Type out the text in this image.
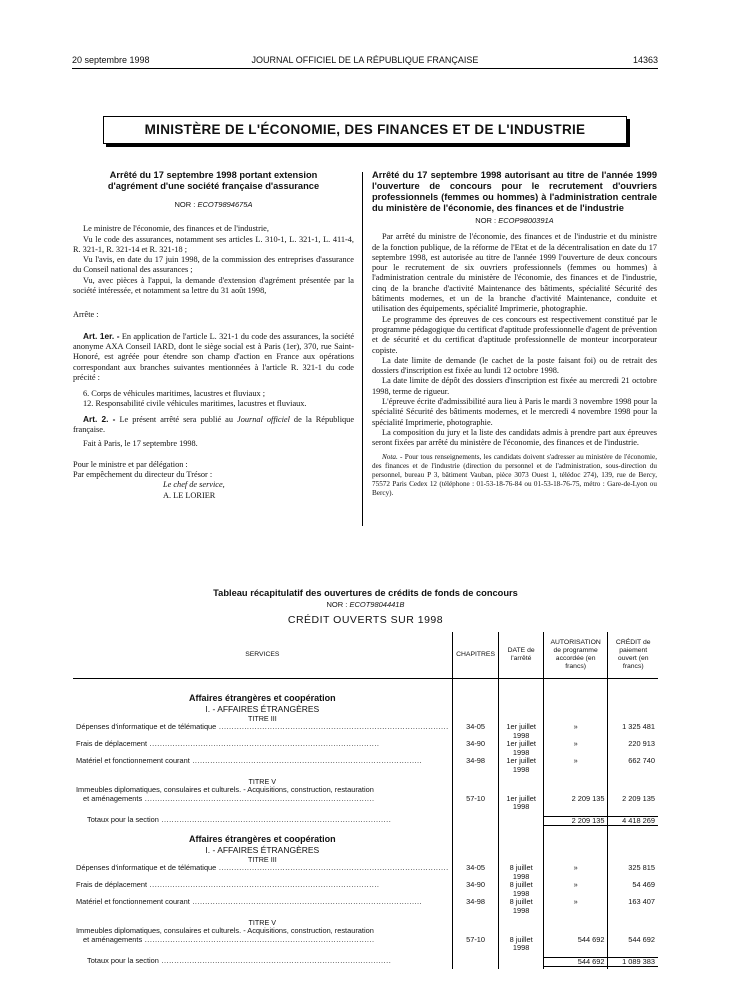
20 septembre 1998	JOURNAL OFFICIEL DE LA RÉPUBLIQUE FRANÇAISE	14363
MINISTÈRE DE L'ÉCONOMIE, DES FINANCES ET DE L'INDUSTRIE
Arrêté du 17 septembre 1998 portant extension d'agrément d'une société française d'assurance
NOR : ECOT9894675A

Le ministre de l'économie, des finances et de l'industrie,

Vu le code des assurances, notamment ses articles L. 310-1, L. 321-1, L. 411-4, R. 321-1, R. 321-14 et R. 321-18 ;

Vu l'avis, en date du 17 juin 1998, de la commission des entreprises d'assurance du Conseil national des assurances ;

Vu, avec pièces à l'appui, la demande d'extension d'agrément présentée par la société intéressée, et notamment sa lettre du 31 août 1998,

Arrête :

Art. 1er. - En application de l'article L. 321-1 du code des assurances, la société anonyme AXA Conseil IARD, dont le siège social est à Paris (1er), 370, rue Saint-Honoré, est agréée pour étendre son champ d'action en France aux opérations correspondant aux branches suivantes mentionnées à l'article R. 321-1 du code précité :

6. Corps de véhicules maritimes, lacustres et fluviaux ;

12. Responsabilité civile véhicules maritimes, lacustres et fluviaux.

Art. 2. - Le présent arrêté sera publié au Journal officiel de la République française.

Fait à Paris, le 17 septembre 1998.

Pour le ministre et par délégation :

Par empêchement du directeur du Trésor :

Le chef de service,

A. LE LORIER

Arrêté du 17 septembre 1998 autorisant au titre de l'année 1999 l'ouverture de concours pour le recrutement d'ouvriers professionnels (femmes ou hommes) à l'administration centrale du ministère de l'économie, des finances et de l'industrie
NOR : ECOP9800391A

Par arrêté du ministre de l'économie, des finances et de l'industrie et du ministre de la fonction publique, de la réforme de l'Etat et de la décentralisation en date du 17 septembre 1998, est autorisée au titre de l'année 1999 l'ouverture de deux concours pour le recrutement de six ouvriers professionnels (femmes ou hommes) à l'administration centrale du ministère de l'économie, des finances et de l'industrie, cinq de la branche d'activité Maintenance des bâtiments, spécialité Sécurité des bâtiments modernes, et un de la branche d'activité Maintenance, conduite et utilisation des équipements, spécialité Imprimerie, photographie.

Le programme des épreuves de ces concours est respectivement constitué par le programme pédagogique du certificat d'aptitude professionnelle d'agent de prévention et de sécurité et du certificat d'aptitude professionnelle de monteur incorporateur copiste.

La date limite de demande (le cachet de la poste faisant foi) ou de retrait des dossiers d'inscription est fixée au lundi 12 octobre 1998.

La date limite de dépôt des dossiers d'inscription est fixée au mercredi 21 octobre 1998, terme de rigueur.

L'épreuve écrite d'admissibilité aura lieu à Paris le mardi 3 novembre 1998 pour la spécialité Sécurité des bâtiments modernes, et le mercredi 4 novembre 1998 pour la spécialité Imprimerie, photographie.

La composition du jury et la liste des candidats admis à prendre part aux épreuves seront fixées par arrêté du ministère de l'économie, des finances et de l'industrie.

Nota. - Pour tous renseignements, les candidats doivent s'adresser au ministère de l'économie, des finances et de l'industrie (direction du personnel et de l'administration, sous-direction du personnel, bureau P 3, bâtiment Vauban, pièce 3073 Ouest 1, télédoc 274), 139, rue de Bercy, 75572 Paris Cedex 12 (téléphone : 01-53-18-76-84 ou 01-53-18-76-75, métro : Gare-de-Lyon ou Bercy).

Tableau récapitulatif des ouvertures de crédits de fonds de concours
NOR : ECOT9804441B
CRÉDIT OUVERTS SUR 1998
SERVICES	CHAPITRES	DATE de l'arrêté	AUTORISATION de programme accordée (en francs)	CRÉDIT de paiement ouvert (en francs)

Affaires étrangères et coopération				
I. - AFFAIRES ÉTRANGÈRES				
TITRE III				
Dépenses d'informatique et de télématique ..........................................................................................	34-05	1er juillet 1998	»	1 325 481
Frais de déplacement ..........................................................................................	34-90	1er juillet 1998	»	220 913
Matériel et fonctionnement courant ..........................................................................................	34-98	1er juillet 1998	»	662 740

TITRE V				
Immeubles diplomatiques, consulaires et culturels. - Acquisitions, construction, restauration				
et aménagements ..........................................................................................	57-10	1er juillet 1998	2 209 135	2 209 135

Totaux pour la section ..........................................................................................			2 209 135	4 418 269

Affaires étrangères et coopération				
I. - AFFAIRES ÉTRANGÈRES				
TITRE III				
Dépenses d'informatique et de télématique ..........................................................................................	34-05	8 juillet 1998	»	325 815
Frais de déplacement ..........................................................................................	34-90	8 juillet 1998	»	54 469
Matériel et fonctionnement courant ..........................................................................................	34-98	8 juillet 1998	»	163 407

TITRE V				
Immeubles diplomatiques, consulaires et culturels. - Acquisitions, construction, restauration				
et aménagements ..........................................................................................	57-10	8 juillet 1998	544 692	544 692

Totaux pour la section ..........................................................................................			544 692	1 089 383
